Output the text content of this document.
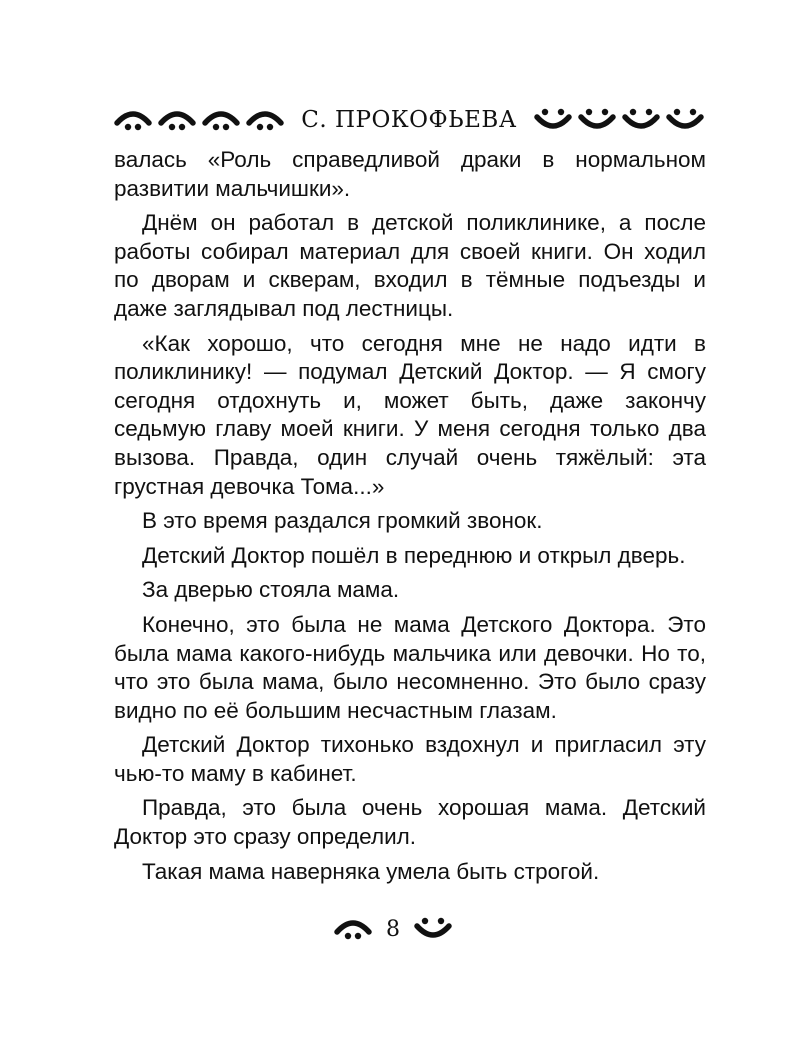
С. ПРОКОФЬЕВА

валась «Роль справедливой драки в нормальном развитии мальчишки».

Днём он работал в детской поликлинике, а после работы собирал материал для своей книги. Он ходил по дворам и скверам, входил в тёмные подъезды и даже заглядывал под лестницы.

«Как хорошо, что сегодня мне не надо идти в поликлинику! — подумал Детский Доктор. — Я смогу сегодня отдохнуть и, может быть, даже закончу седьмую главу моей книги. У меня сегодня только два вызова. Правда, один случай очень тяжёлый: эта грустная девочка Тома...»

В это время раздался громкий звонок.

Детский Доктор пошёл в переднюю и открыл дверь.

За дверью стояла мама.

Конечно, это была не мама Детского Доктора. Это была мама какого-нибудь мальчика или девочки. Но то, что это была мама, было несомненно. Это было сразу видно по её большим несчастным глазам.

Детский Доктор тихонько вздохнул и пригласил эту чью-то маму в кабинет.

Правда, это была очень хорошая мама. Детский Доктор это сразу определил.

Такая мама наверняка умела быть строгой.

8
